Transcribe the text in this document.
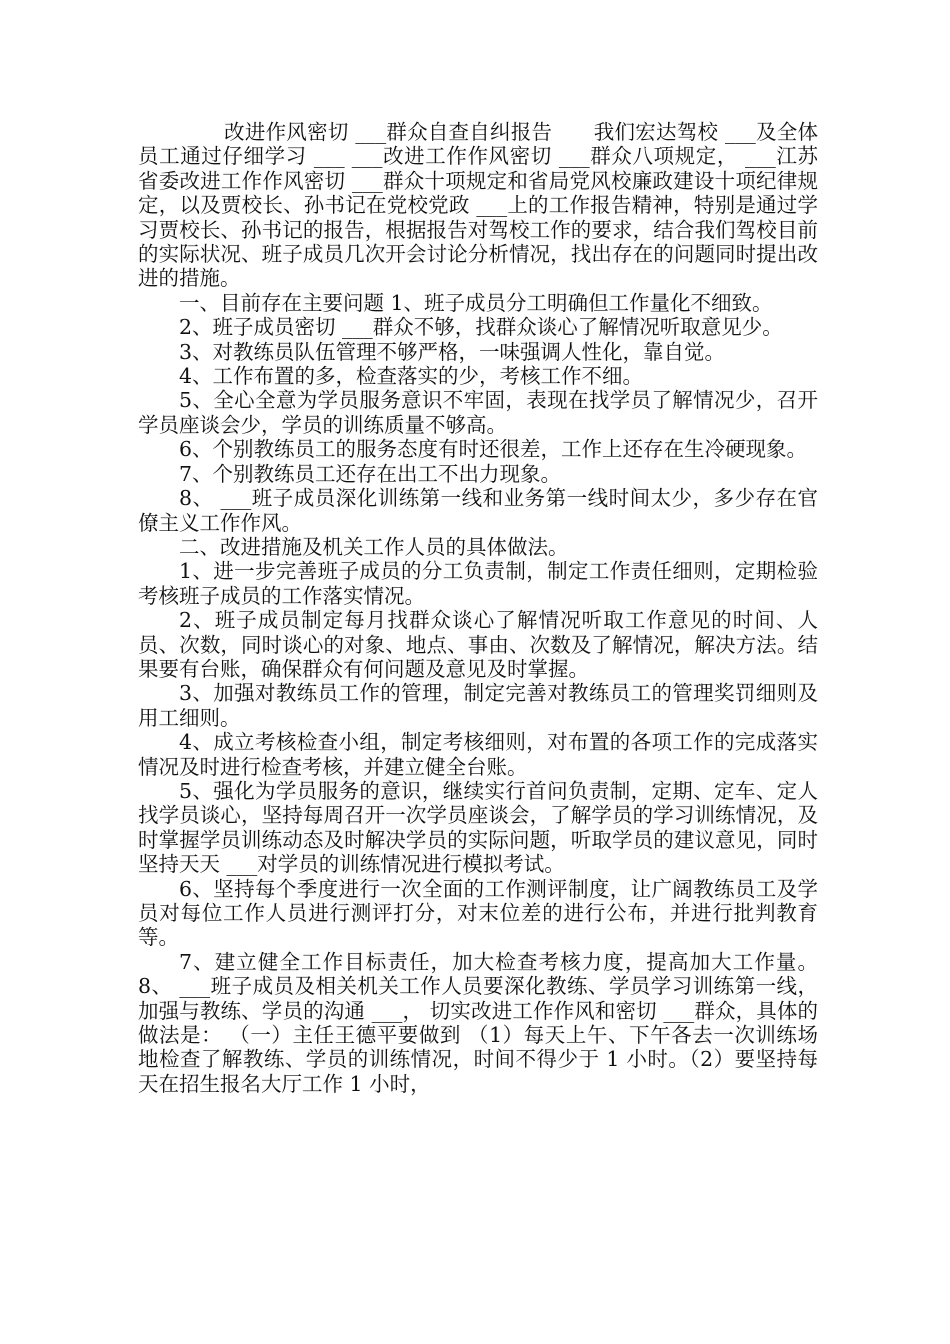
改进作风密切 ___群众自查自纠报告　　我们宏达驾校 ___及全体员工通过仔细学习 ___ ___改进工作作风密切 ___群众八项规定， ___江苏省委改进工作作风密切 ___群众十项规定和省局党风校廉政建设十项纪律规定，以及贾校长、孙书记在党校党政 ___上的工作报告精神，特别是通过学习贾校长、孙书记的报告，根据报告对驾校工作的要求，结合我们驾校目前的实际状况、班子成员几次开会讨论分析情况，找出存在的问题同时提出改进的措施。

一、目前存在主要问题 1、班子成员分工明确但工作量化不细致。

2、班子成员密切 ___群众不够，找群众谈心了解情况听取意见少。

3、对教练员队伍管理不够严格，一味强调人性化，靠自觉。

4、工作布置的多，检查落实的少，考核工作不细。

5、全心全意为学员服务意识不牢固，表现在找学员了解情况少，召开学员座谈会少，学员的训练质量不够高。

6、个别教练员工的服务态度有时还很差，工作上还存在生冷硬现象。

7、个别教练员工还存在出工不出力现象。

8、 ___班子成员深化训练第一线和业务第一线时间太少，多少存在官僚主义工作作风。

二、改进措施及机关工作人员的具体做法。

1、进一步完善班子成员的分工负责制，制定工作责任细则，定期检验考核班子成员的工作落实情况。

2、班子成员制定每月找群众谈心了解情况听取工作意见的时间、人员、次数，同时谈心的对象、地点、事由、次数及了解情况，解决方法。结果要有台账，确保群众有何问题及意见及时掌握。

3、加强对教练员工作的管理，制定完善对教练员工的管理奖罚细则及用工细则。

4、成立考核检查小组，制定考核细则，对布置的各项工作的完成落实情况及时进行检查考核，并建立健全台账。

5、强化为学员服务的意识，继续实行首问负责制，定期、定车、定人找学员谈心，坚持每周召开一次学员座谈会，了解学员的学习训练情况，及时掌握学员训练动态及时解决学员的实际问题，听取学员的建议意见，同时坚持天天 ___对学员的训练情况进行模拟考试。

6、坚持每个季度进行一次全面的工作测评制度，让广阔教练员工及学员对每位工作人员进行测评打分，对末位差的进行公布，并进行批判教育等。

7、建立健全工作目标责任，加大检查考核力度，提高加大工作量。8、 ___班子成员及相关机关工作人员要深化教练、学员学习训练第一线，加强与教练、学员的沟通 ___， 切实改进工作作风和密切 ___群众，具体的做法是： （一）主任王德平要做到 （1）每天上午、下午各去一次训练场地检查了解教练、学员的训练情况，时间不得少于 1 小时。（2）要坚持每天在招生报名大厅工作 1 小时，
